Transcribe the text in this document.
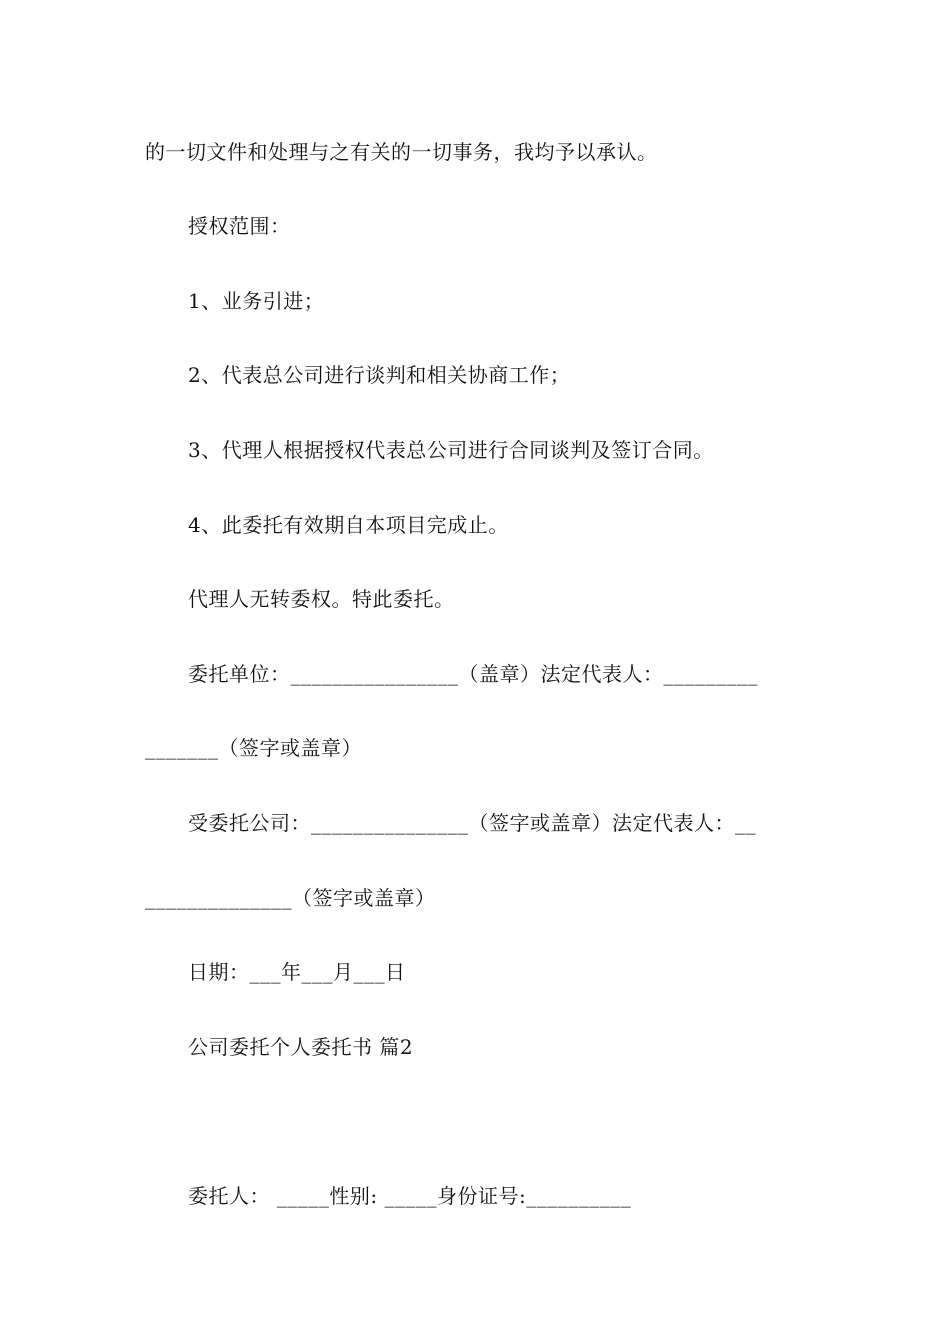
的一切文件和处理与之有关的一切事务，我均予以承认。
授权范围：
1、业务引进；
2、代表总公司进行谈判和相关协商工作；
3、代理人根据授权代表总公司进行合同谈判及签订合同。
4、此委托有效期自本项目完成止。
代理人无转委权。特此委托。
委托单位：________________（盖章）法定代表人：_________
_______（签字或盖章）
受委托公司：_______________（签字或盖章）法定代表人：__
______________（签字或盖章）
日期：___年___月___日
公司委托个人委托书 篇2
委托人： _____性别: _____身份证号:__________
